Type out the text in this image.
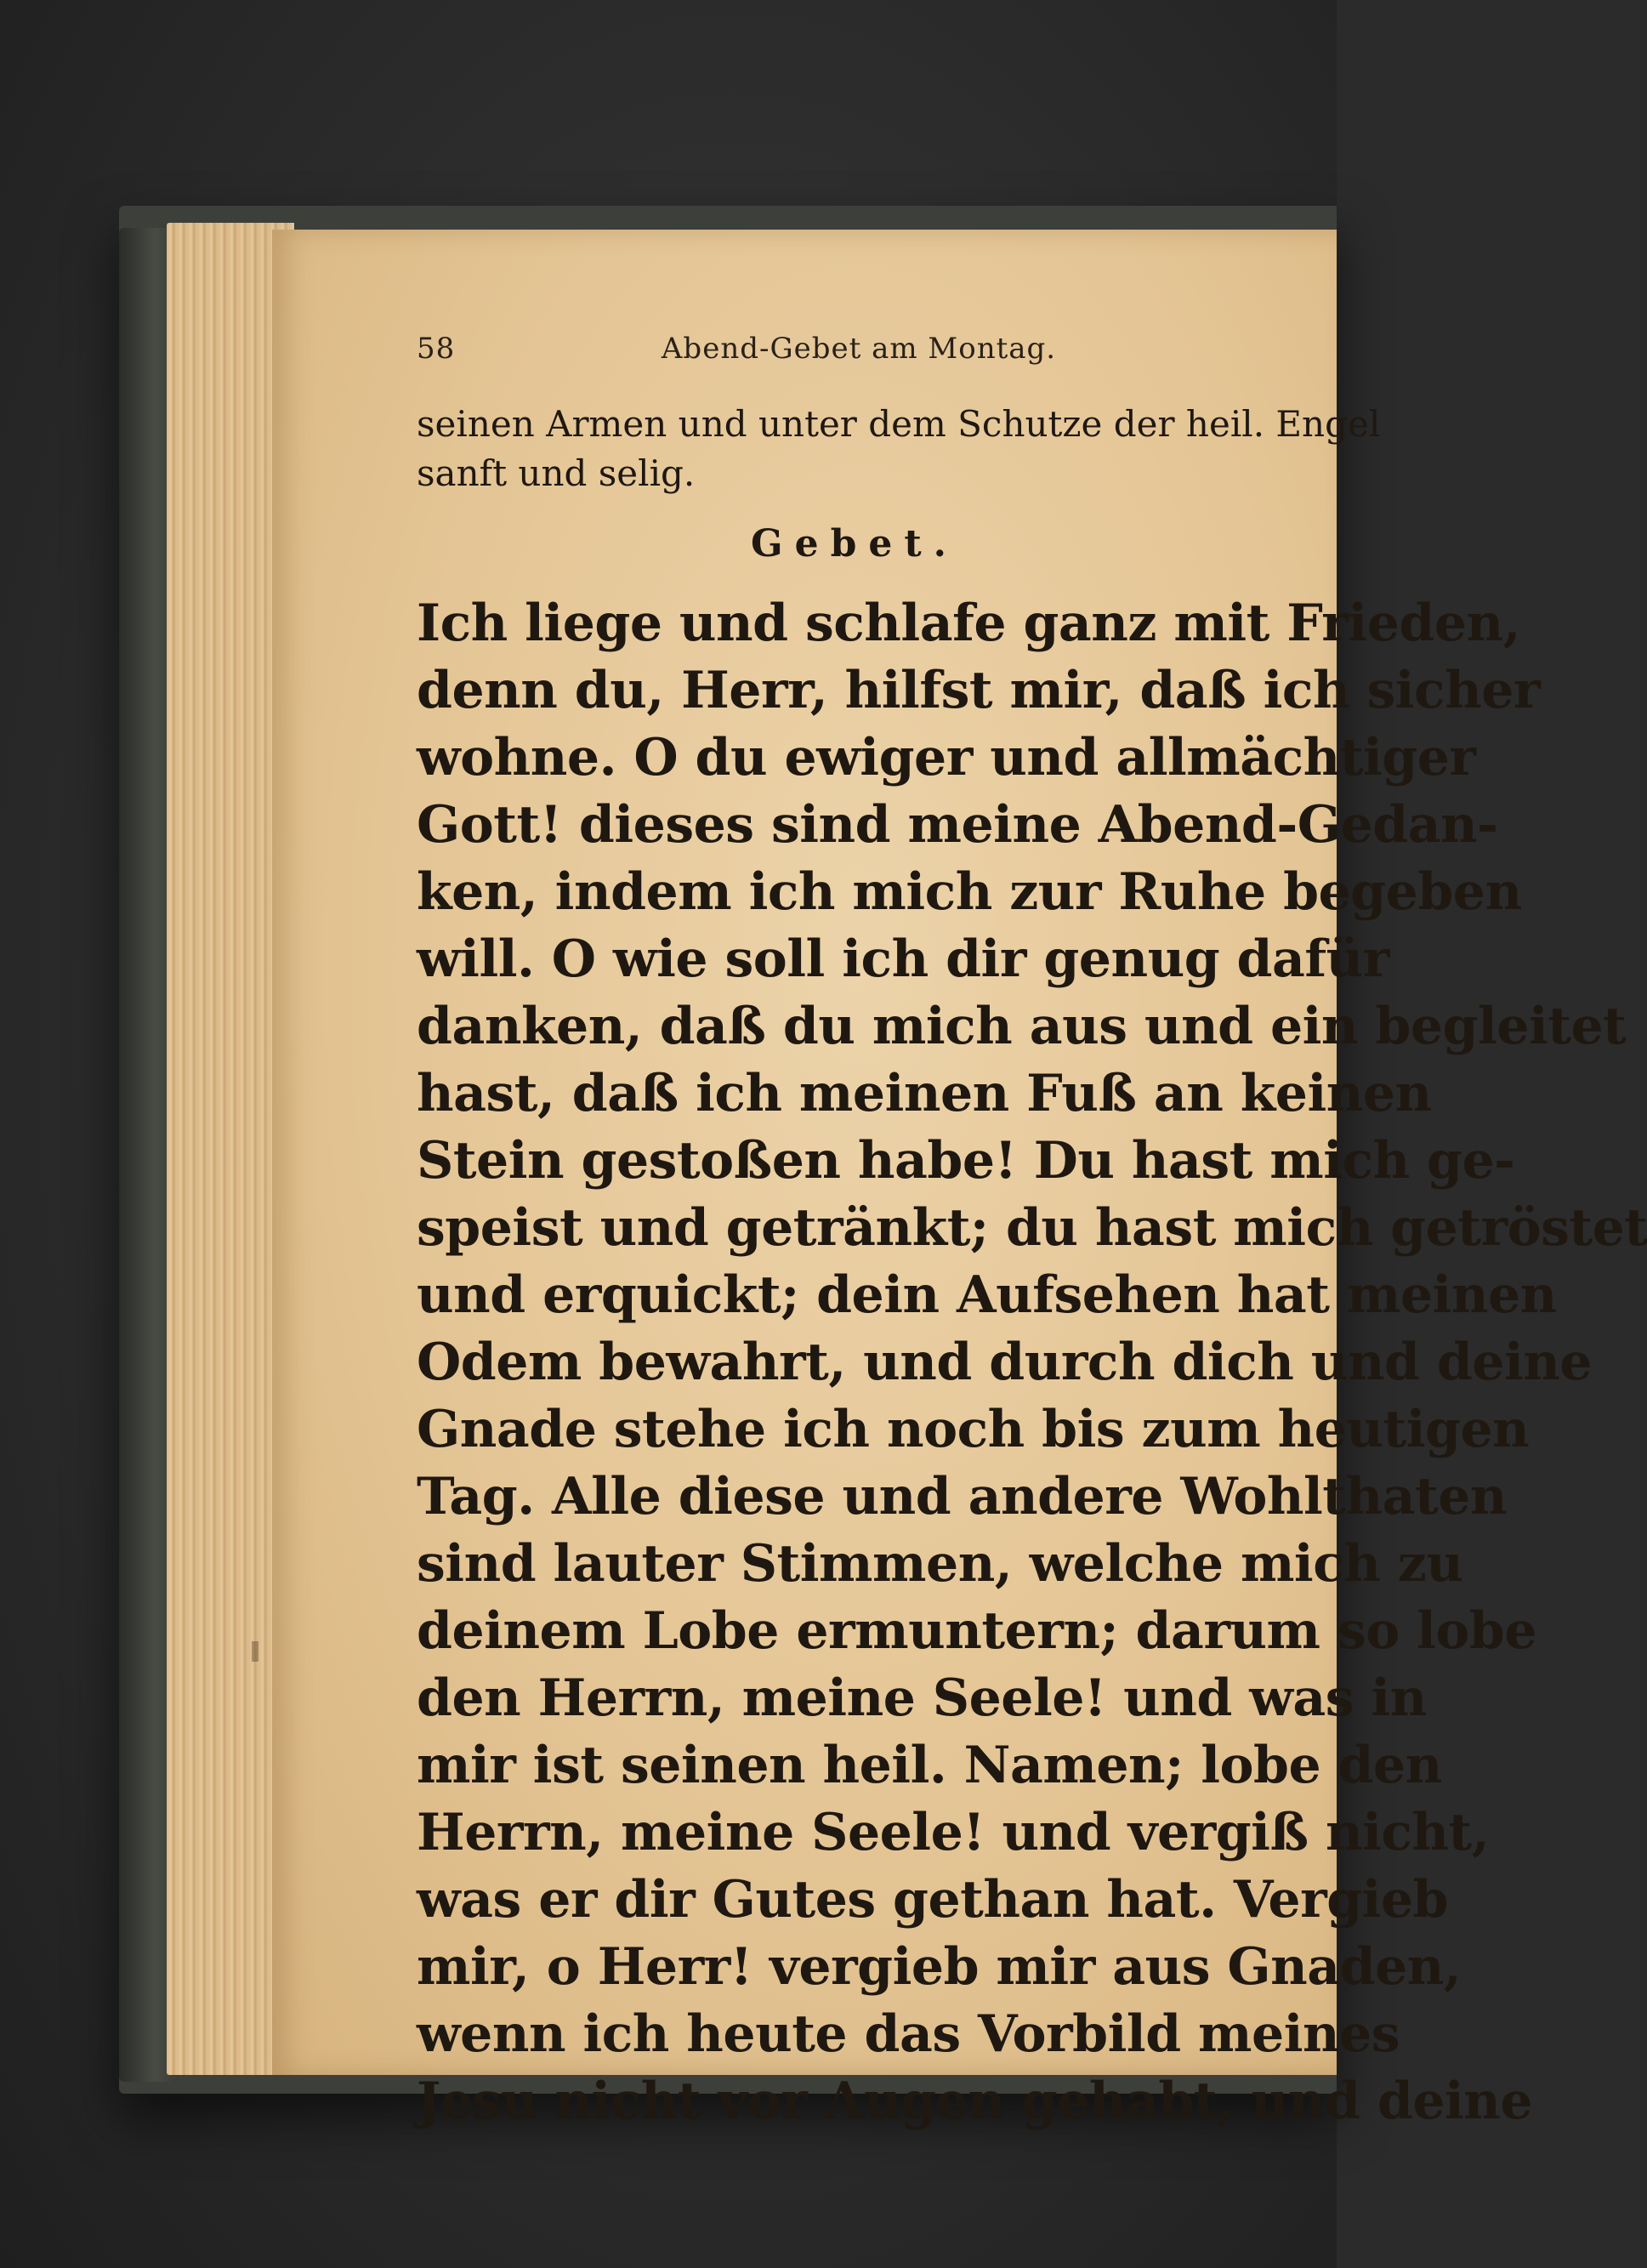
58	Abend-Gebet am Montag.
seinen Armen und unter dem Schutze der heil. Engel
sanft und selig.
Gebet.
Ich liege und schlafe ganz mit Frieden,
denn du, Herr, hilfst mir, daß ich sicher
wohne. O du ewiger und allmächtiger
Gott! dieses sind meine Abend-Gedan-
ken, indem ich mich zur Ruhe begeben
will. O wie soll ich dir genug dafür
danken, daß du mich aus und ein begleitet
hast, daß ich meinen Fuß an keinen
Stein gestoßen habe! Du hast mich ge-
speist und getränkt; du hast mich getröstet
und erquickt; dein Aufsehen hat meinen
Odem bewahrt, und durch dich und deine
Gnade stehe ich noch bis zum heutigen
Tag. Alle diese und andere Wohlthaten
sind lauter Stimmen, welche mich zu
deinem Lobe ermuntern; darum so lobe
den Herrn, meine Seele! und was in
mir ist seinen heil. Namen; lobe den
Herrn, meine Seele! und vergiß nicht,
was er dir Gutes gethan hat. Vergieb
mir, o Herr! vergieb mir aus Gnaden,
wenn ich heute das Vorbild meines
Jesu nicht vor Augen gehabt, und deine
